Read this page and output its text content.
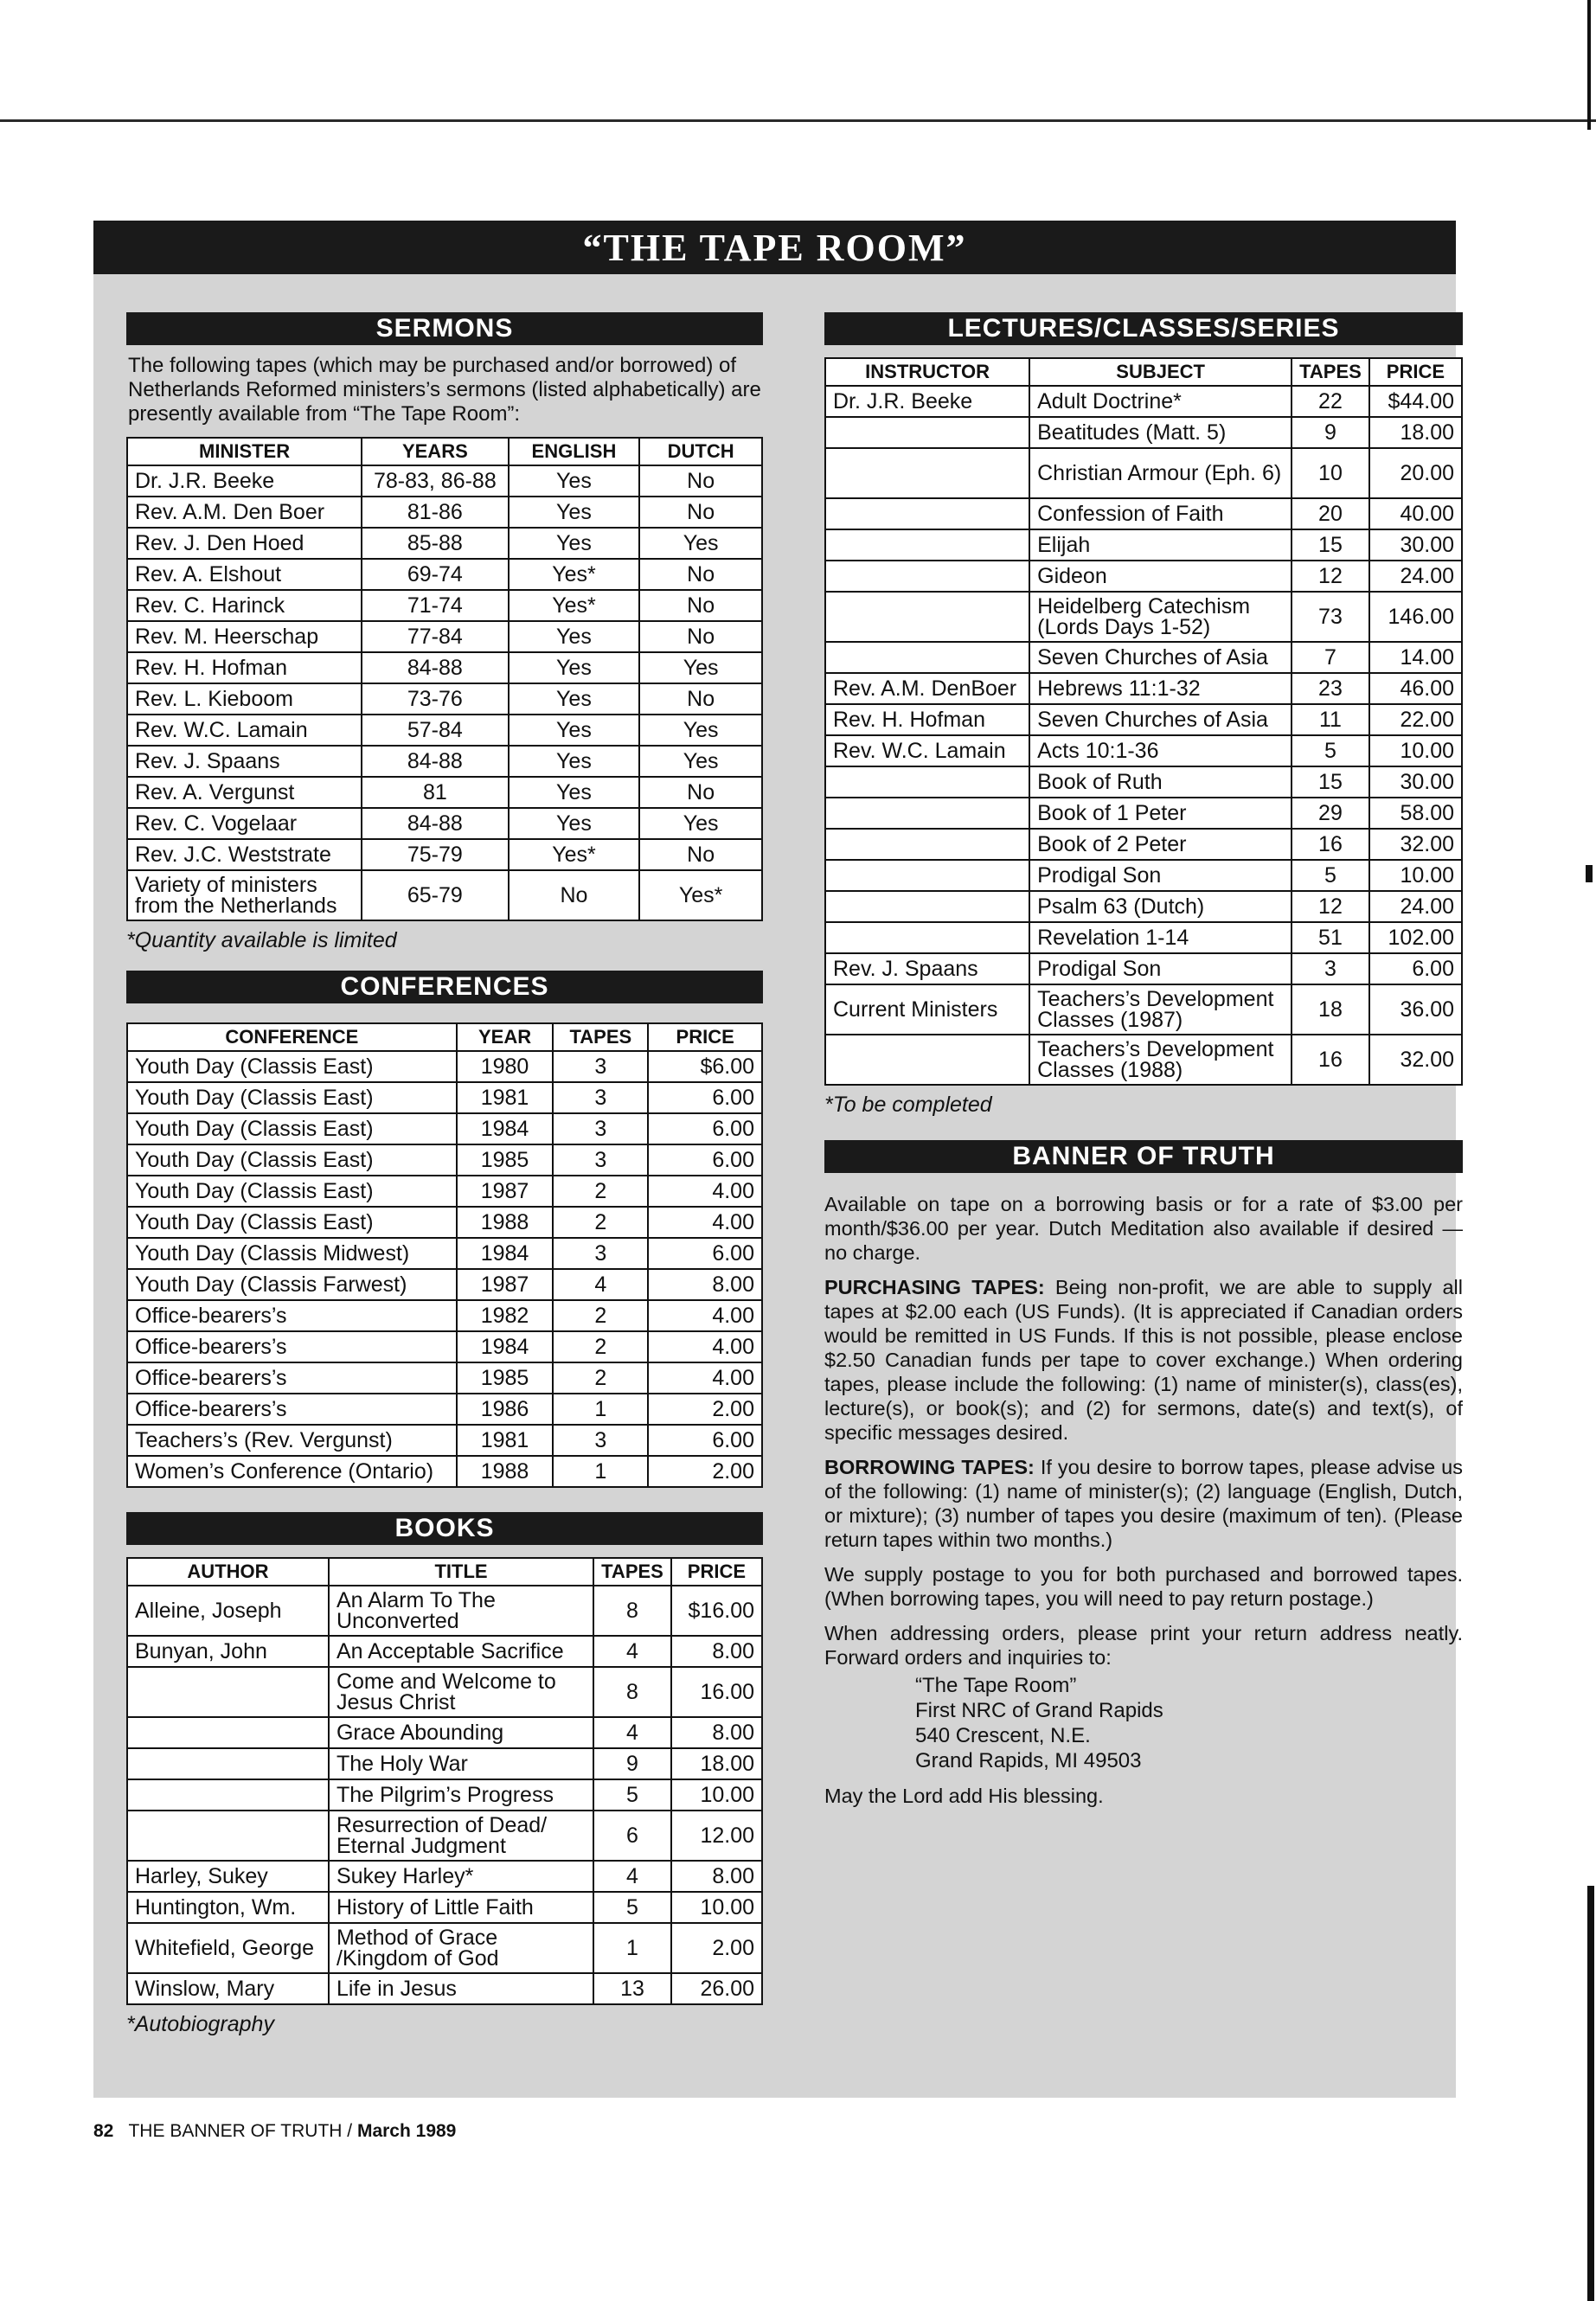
“THE TAPE ROOM”
SERMONS

The following tapes (which may be purchased and/or borrowed) of Netherlands Reformed ministers’s sermons (listed alphabetically) are presently available from “The Tape Room”:

MINISTER	YEARS	ENGLISH	DUTCH
Dr. J.R. Beeke	78-83, 86-88	Yes	No
Rev. A.M. Den Boer	81-86	Yes	No
Rev. J. Den Hoed	85-88	Yes	Yes
Rev. A. Elshout	69-74	Yes*	No
Rev. C. Harinck	71-74	Yes*	No
Rev. M. Heerschap	77-84	Yes	No
Rev. H. Hofman	84-88	Yes	Yes
Rev. L. Kieboom	73-76	Yes	No
Rev. W.C. Lamain	57-84	Yes	Yes
Rev. J. Spaans	84-88	Yes	Yes
Rev. A. Vergunst	81	Yes	No
Rev. C. Vogelaar	84-88	Yes	Yes
Rev. J.C. Weststrate	75-79	Yes*	No
Variety of ministers from the Netherlands	65-79	No	Yes*
*Quantity available is limited
CONFERENCES
CONFERENCE	YEAR	TAPES	PRICE
Youth Day (Classis East)	1980	3	$6.00
Youth Day (Classis East)	1981	3	6.00
Youth Day (Classis East)	1984	3	6.00
Youth Day (Classis East)	1985	3	6.00
Youth Day (Classis East)	1987	2	4.00
Youth Day (Classis East)	1988	2	4.00
Youth Day (Classis Midwest)	1984	3	6.00
Youth Day (Classis Farwest)	1987	4	8.00
Office-bearers’s	1982	2	4.00
Office-bearers’s	1984	2	4.00
Office-bearers’s	1985	2	4.00
Office-bearers’s	1986	1	2.00
Teachers’s (Rev. Vergunst)	1981	3	6.00
Women’s Conference (Ontario)	1988	1	2.00
BOOKS
AUTHOR	TITLE	TAPES	PRICE
Alleine, Joseph	An Alarm To The Unconverted	8	$16.00
Bunyan, John	An Acceptable Sacrifice	4	8.00
	Come and Welcome to Jesus Christ	8	16.00
	Grace Abounding	4	8.00
	The Holy War	9	18.00
	The Pilgrim’s Progress	5	10.00
	Resurrection of Dead/ Eternal Judgment	6	12.00
Harley, Sukey	Sukey Harley*	4	8.00
Huntington, Wm.	History of Little Faith	5	10.00
Whitefield, George	Method of Grace /Kingdom of God	1	2.00
Winslow, Mary	Life in Jesus	13	26.00
*Autobiography
LECTURES/CLASSES/SERIES
INSTRUCTOR	SUBJECT	TAPES	PRICE
Dr. J.R. Beeke	Adult Doctrine*	22	$44.00
	Beatitudes (Matt. 5)	9	18.00
	Christian Armour (Eph. 6)	10	20.00
	Confession of Faith	20	40.00
	Elijah	15	30.00
	Gideon	12	24.00
	Heidelberg Catechism (Lords Days 1-52)	73	146.00
	Seven Churches of Asia	7	14.00
Rev. A.M. DenBoer	Hebrews 11:1-32	23	46.00
Rev. H. Hofman	Seven Churches of Asia	11	22.00
Rev. W.C. Lamain	Acts 10:1-36	5	10.00
	Book of Ruth	15	30.00
	Book of 1 Peter	29	58.00
	Book of 2 Peter	16	32.00
	Prodigal Son	5	10.00
	Psalm 63 (Dutch)	12	24.00
	Revelation 1-14	51	102.00
Rev. J. Spaans	Prodigal Son	3	6.00
Current Ministers	Teachers’s Development Classes (1987)	18	36.00
	Teachers’s Development Classes (1988)	16	32.00
*To be completed
BANNER OF TRUTH

Available on tape on a borrowing basis or for a rate of $3.00 per month/$36.00 per year. Dutch Meditation also available if desired — no charge.

PURCHASING TAPES: Being non-profit, we are able to supply all tapes at $2.00 each (US Funds). (It is appreciated if Canadian orders would be remitted in US Funds. If this is not possible, please enclose $2.50 Canadian funds per tape to cover exchange.) When ordering tapes, please include the following: (1) name of minister(s), class(es), lecture(s), or book(s); and (2) for sermons, date(s) and text(s), of specific messages desired.

BORROWING TAPES: If you desire to borrow tapes, please advise us of the following: (1) name of minister(s); (2) language (English, Dutch, or mixture); (3) number of tapes you desire (maximum of ten). (Please return tapes within two months.)

We supply postage to you for both purchased and borrowed tapes. (When borrowing tapes, you will need to pay return postage.)

When addressing orders, please print your return address neatly. Forward orders and inquiries to:

“The Tape Room”
First NRC of Grand Rapids
540 Crescent, N.E.
Grand Rapids, MI 49503

May the Lord add His blessing.

82 THE BANNER OF TRUTH / March 1989
